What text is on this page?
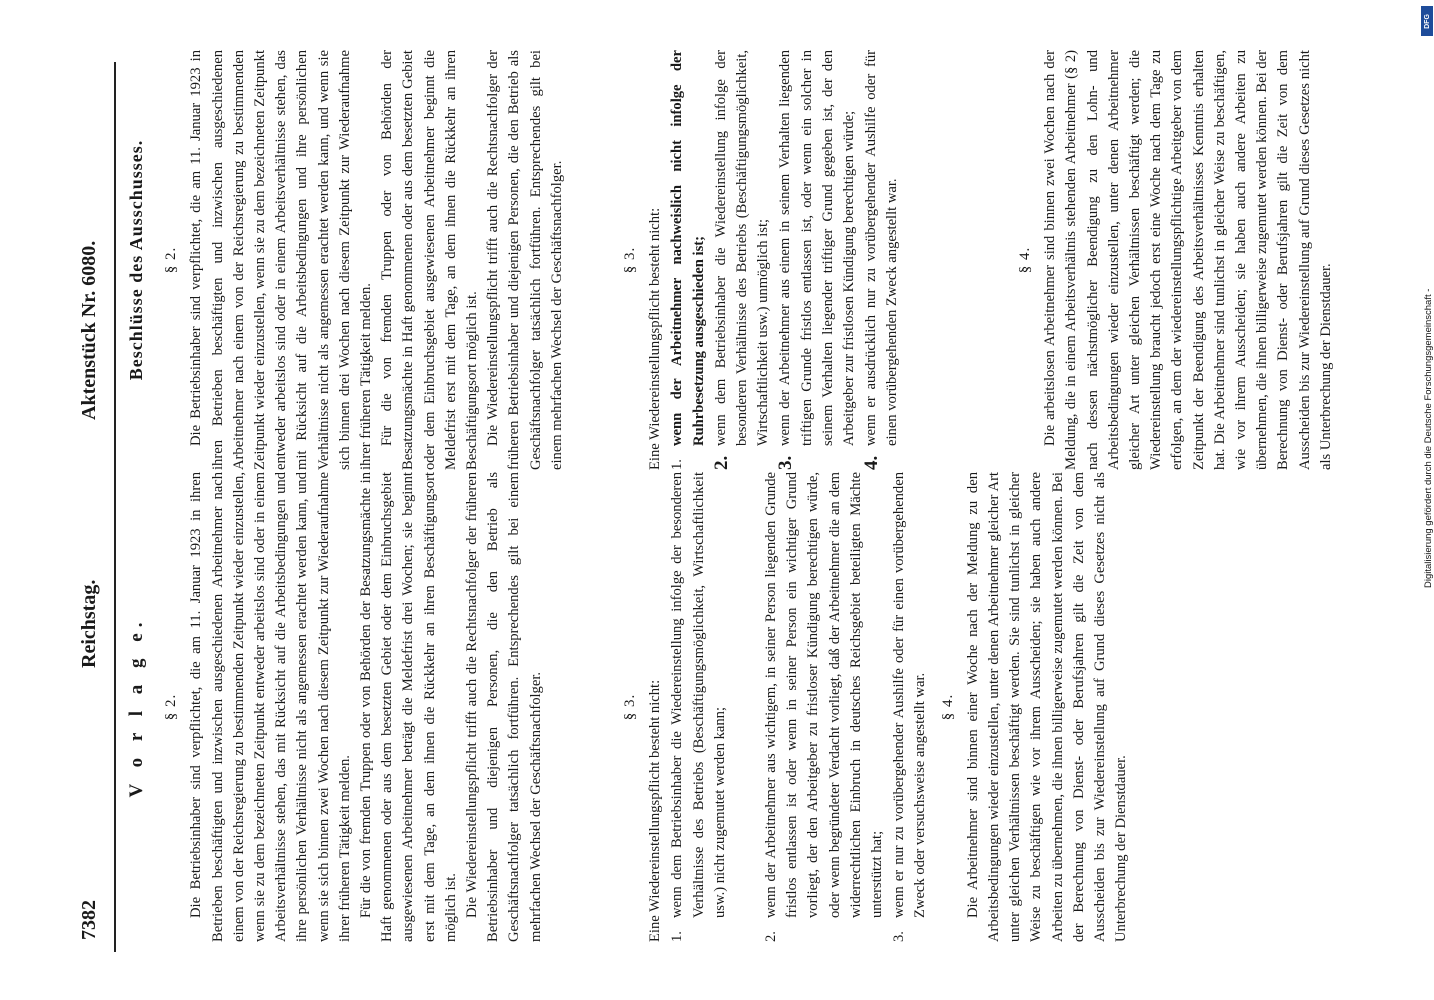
7382
Reichstag.
Aktenstück Nr. 6080.
V o r l a g e. § 2. Die Betriebsinhaber sind verpflichtet, die am 11. Januar 1923 in ihren Betrieben beschäftigten und inzwischen ausgeschiedenen Arbeitnehmer nach einem von der Reichsregierung zu bestimmenden Zeitpunkt wieder einzustellen, wenn sie zu dem bezeichneten Zeitpunkt entweder arbeitslos sind oder in einem Arbeitsverhältnisse stehen, das mit Rücksicht auf die Arbeitsbedingungen und ihre persönlichen Verhältnisse nicht als angemessen erachtet werden kann, und wenn sie sich binnen zwei Wochen nach diesem Zeitpunkt zur Wiederaufnahme ihrer früheren Tätigkeit melden. Für die von fremden Truppen oder von Behörden der Besatzungsmächte in Haft genommenen oder aus dem besetzten Gebiet oder dem Einbruchsgebiet ausgewiesenen Arbeitnehmer beträgt die Meldefrist drei Wochen; sie beginnt erst mit dem Tage, an dem ihnen die Rückkehr an ihren Beschäftigungsort möglich ist. Die Wiedereinstellungspflicht trifft auch die Rechtsnachfolger der früheren Betriebsinhaber und diejenigen Personen, die den Betrieb als Geschäftsnachfolger tatsächlich fortführen. Entsprechendes gilt bei einem mehrfachen Wechsel der Geschäftsnachfolger.	§ 3. Eine Wiedereinstellungspflicht besteht nicht: 1.
wenn dem Betriebsinhaber die Wiedereinstellung infolge der besonderen Verhältnisse des Betriebs (Beschäftigungsmöglichkeit, Wirtschaftlichkeit usw.) nicht zugemutet werden kann;
2.
wenn der Arbeitnehmer aus wichtigem, in seiner Person liegenden Grunde fristlos entlassen ist oder wenn in seiner Person ein wichtiger Grund vorliegt, der den Arbeitgeber zu fristloser Kündigung berechtigen würde, oder wenn begründeter Verdacht vorliegt, daß der Arbeitnehmer die an dem widerrechtlichen Einbruch in deutsches Reichsgebiet beteiligten Mächte unterstützt hat;
3.
wenn er nur zu vorübergehender Aushilfe oder für einen vorübergehenden Zweck oder versuchsweise angestellt war. § 4. Die Arbeitnehmer sind binnen einer Woche nach der Meldung zu den Arbeitsbedingungen wieder einzustellen, unter denen Arbeitnehmer gleicher Art unter gleichen Verhältnissen beschäftigt werden. Sie sind tunlichst in gleicher Weise zu beschäftigen wie vor ihrem Ausscheiden; sie haben auch andere Arbeiten zu übernehmen, die ihnen billigerweise zugemutet werden können. Bei der Berechnung von Dienst- oder Berufsjahren gilt die Zeit von dem Ausscheiden bis zur Wiedereinstellung auf Grund dieses Gesetzes nicht als Unterbrechung der Dienstdauer.

Beschlüsse des Ausschusses. § 2. Die Betriebsinhaber sind verpflichtet, die am 11. Januar 1923 in ihren Betrieben beschäftigten und inzwischen ausgeschiedenen Arbeitnehmer nach einem von der Reichsregierung zu bestimmenden Zeitpunkt wieder einzustellen, wenn sie zu dem bezeichneten Zeitpunkt entweder arbeitslos sind oder in einem Arbeitsverhältnisse stehen, das mit Rücksicht auf die Arbeitsbedingungen und ihre persönlichen Verhältnisse nicht als angemessen erachtet werden kann, und wenn sie sich binnen drei Wochen nach diesem Zeitpunkt zur Wiederaufnahme ihrer früheren Tätigkeit melden. Für die von fremden Truppen oder von Behörden der Besatzungsmächte in Haft genommenen oder aus dem besetzten Gebiet oder dem Einbruchsgebiet ausgewiesenen Arbeitnehmer beginnt die Meldefrist erst mit dem Tage, an dem ihnen die Rückkehr an ihren Beschäftigungsort möglich ist. Die Wiedereinstellungspflicht trifft auch die Rechtsnachfolger der früheren Betriebsinhaber und diejenigen Personen, die den Betrieb als Geschäftsnachfolger tatsächlich fortführen. Entsprechendes gilt bei einem mehrfachen Wechsel der Geschäftsnachfolger.	§ 3. Eine Wiedereinstellungspflicht besteht nicht: 1.
wenn der Arbeitnehmer nachweislich nicht infolge der Ruhrbesetzung ausgeschieden ist;
2.
wenn dem Betriebsinhaber die Wiedereinstellung infolge der besonderen Verhältnisse des Betriebs (Beschäftigungsmöglichkeit, Wirtschaftlichkeit usw.) unmöglich ist;
3.
wenn der Arbeitnehmer aus einem in seinem Verhalten liegenden triftigen Grunde fristlos entlassen ist, oder wenn ein solcher in seinem Verhalten liegender triftiger Grund gegeben ist, der den Arbeitgeber zur fristlosen Kündigung berechtigen würde;
4.
wenn er ausdrücklich nur zu vorübergehender Aushilfe oder für einen vorübergehenden Zweck angestellt war.	§ 4. Die arbeitslosen Arbeitnehmer sind binnen zwei Wochen nach der Meldung, die in einem Arbeitsverhältnis stehenden Arbeitnehmer (§ 2) nach dessen nächstmöglicher Beendigung zu den Lohn- und Arbeitsbedingungen wieder einzustellen, unter denen Arbeitnehmer gleicher Art unter gleichen Verhältnissen beschäftigt werden; die Wiedereinstellung braucht jedoch erst eine Woche nach dem Tage zu erfolgen, an dem der wiedereinstellungspflichtige Arbeitgeber von dem Zeitpunkt der Beendigung des Arbeitsverhältnisses Kenntnis erhalten hat. Die Arbeitnehmer sind tunlichst in gleicher Weise zu beschäftigen, wie vor ihrem Ausscheiden; sie haben auch andere Arbeiten zu übernehmen, die ihnen billigerweise zugemutet werden können. Bei der Berechnung von Dienst- oder Berufsjahren gilt die Zeit von dem Ausscheiden bis zur Wiedereinstellung auf Grund dieses Gesetzes nicht als Unterbrechung der Dienstdauer.

DFG
Digitalisierung gefördert durch die Deutsche Forschungsgemeinschaft -
